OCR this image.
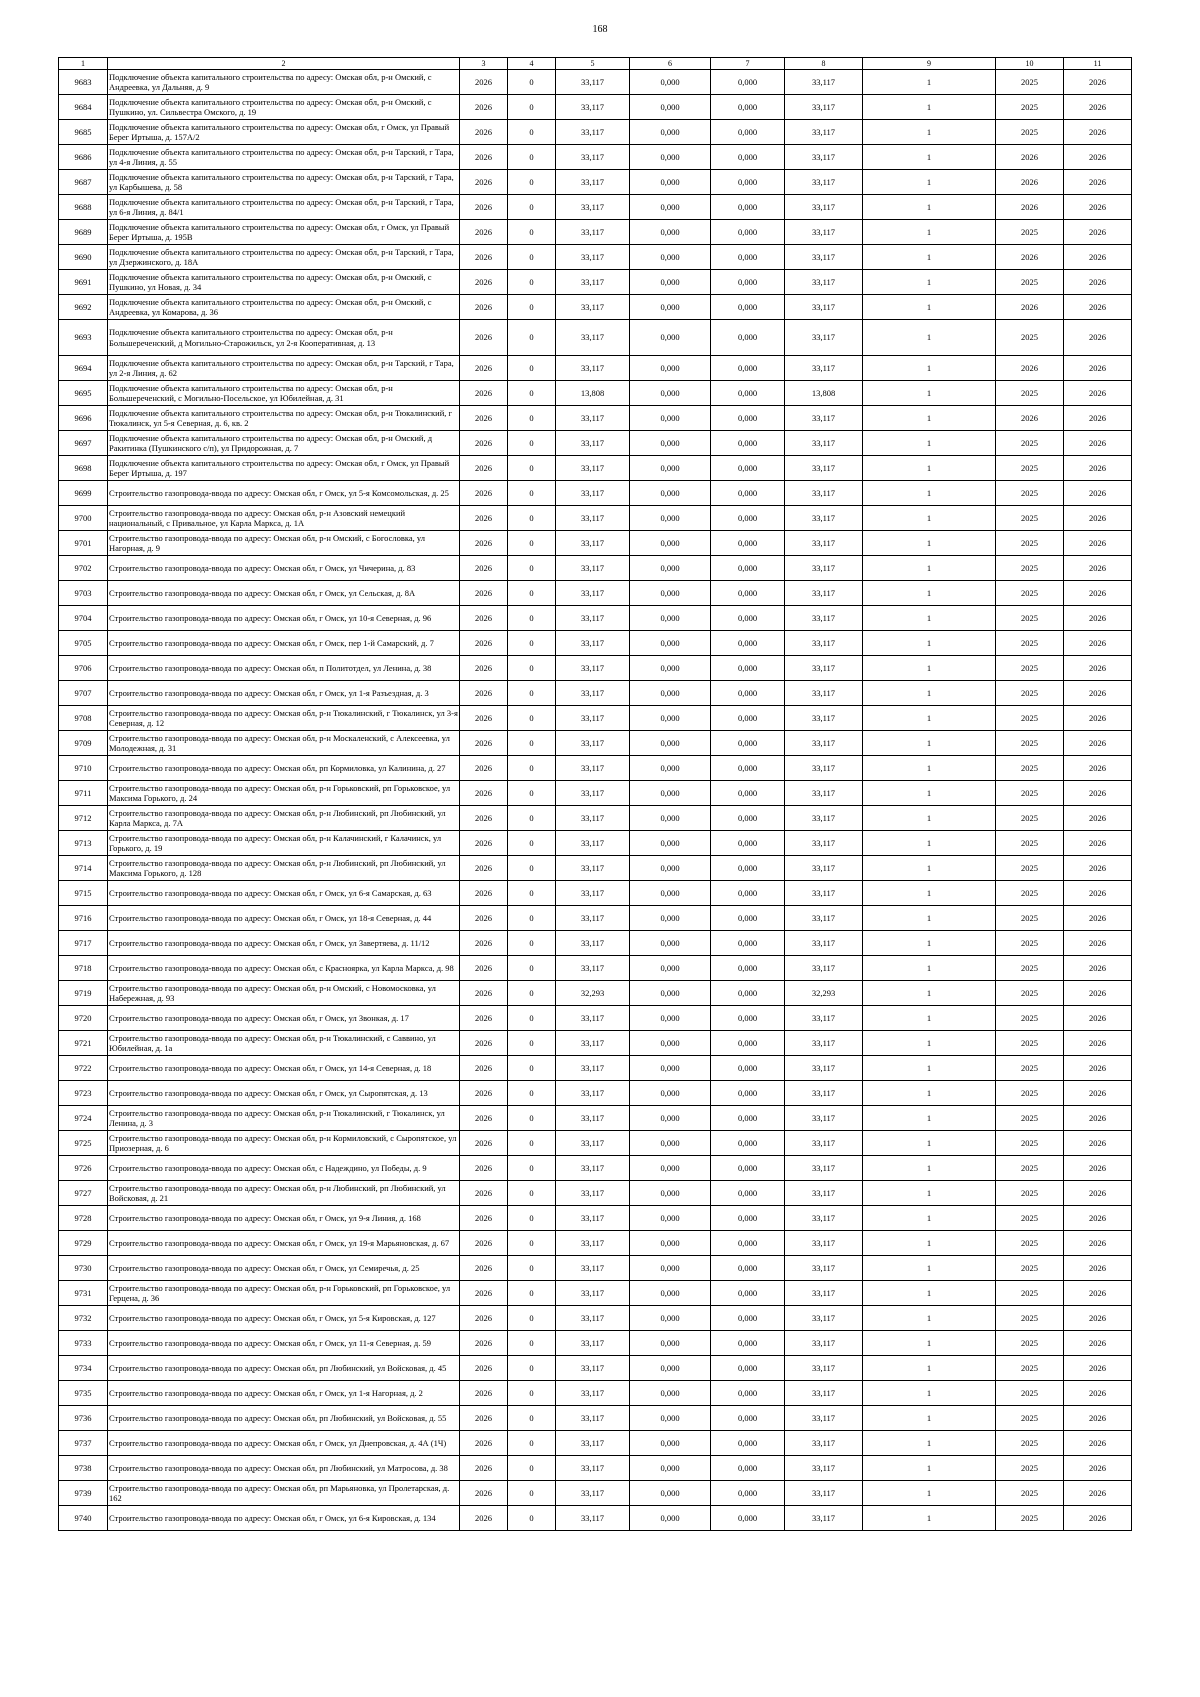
168
1	2	3	4	5	6	7	8	9	10	11
9683	Подключение объекта капитального строительства по адресу: Омская обл, р-н Омский, с Андреевка, ул Дальняя, д. 9	2026	0	33,117	0,000	0,000	33,117	1	2025	2026
9684	Подключение объекта капитального строительства по адресу: Омская обл, р-н Омский, с Пушкино, ул. Сильвестра Омского, д. 19	2026	0	33,117	0,000	0,000	33,117	1	2025	2026
9685	Подключение объекта капитального строительства по адресу: Омская обл, г Омск, ул Правый Берег Иртыша, д. 157А/2	2026	0	33,117	0,000	0,000	33,117	1	2025	2026
9686	Подключение объекта капитального строительства по адресу: Омская обл, р-н Тарский, г Тара, ул 4-я Линия, д. 55	2026	0	33,117	0,000	0,000	33,117	1	2026	2026
9687	Подключение объекта капитального строительства по адресу: Омская обл, р-н Тарский, г Тара, ул Карбышева, д. 58	2026	0	33,117	0,000	0,000	33,117	1	2026	2026
9688	Подключение объекта капитального строительства по адресу: Омская обл, р-н Тарский, г Тара, ул 6-я Линия, д. 84/1	2026	0	33,117	0,000	0,000	33,117	1	2026	2026
9689	Подключение объекта капитального строительства по адресу: Омская обл, г Омск, ул Правый Берег Иртыша, д. 195В	2026	0	33,117	0,000	0,000	33,117	1	2025	2026
9690	Подключение объекта капитального строительства по адресу: Омская обл, р-н Тарский, г Тара, ул Дзержинского, д. 18А	2026	0	33,117	0,000	0,000	33,117	1	2026	2026
9691	Подключение объекта капитального строительства по адресу: Омская обл, р-н Омский, с Пушкино, ул Новая, д. 34	2026	0	33,117	0,000	0,000	33,117	1	2025	2026
9692	Подключение объекта капитального строительства по адресу: Омская обл, р-н Омский, с Андреевка, ул Комарова, д. 36	2026	0	33,117	0,000	0,000	33,117	1	2026	2026
9693	Подключение объекта капитального строительства по адресу: Омская обл, р-н Большереченский, д Могильно-Старожильск, ул 2-я Кооперативная, д. 13	2026	0	33,117	0,000	0,000	33,117	1	2025	2026
9694	Подключение объекта капитального строительства по адресу: Омская обл, р-н Тарский, г Тара, ул 2-я Линия, д. 62	2026	0	33,117	0,000	0,000	33,117	1	2026	2026
9695	Подключение объекта капитального строительства по адресу: Омская обл, р-н Большереченский, с Могильно-Посельское, ул Юбилейная, д. 31	2026	0	13,808	0,000	0,000	13,808	1	2025	2026
9696	Подключение объекта капитального строительства по адресу: Омская обл, р-н Тюкалинский, г Тюкалинск, ул 5-я Северная, д. 6, кв. 2	2026	0	33,117	0,000	0,000	33,117	1	2026	2026
9697	Подключение объекта капитального строительства по адресу: Омская обл, р-н Омский, д Ракитинка (Пушкинского с/п), ул Придорожная, д. 7	2026	0	33,117	0,000	0,000	33,117	1	2025	2026
9698	Подключение объекта капитального строительства по адресу: Омская обл, г Омск, ул Правый Берег Иртыша, д. 197	2026	0	33,117	0,000	0,000	33,117	1	2025	2026
9699	Строительство газопровода-ввода по адресу: Омская обл, г Омск, ул 5-я Комсомольская, д. 25	2026	0	33,117	0,000	0,000	33,117	1	2025	2026
9700	Строительство газопровода-ввода по адресу: Омская обл, р-н Азовский немецкий национальный, с Привальное, ул Карла Маркса, д. 1А	2026	0	33,117	0,000	0,000	33,117	1	2025	2026
9701	Строительство газопровода-ввода по адресу: Омская обл, р-н Омский, с Богословка, ул Нагорная, д. 9	2026	0	33,117	0,000	0,000	33,117	1	2025	2026
9702	Строительство газопровода-ввода по адресу: Омская обл, г Омск, ул Чичерина, д. 83	2026	0	33,117	0,000	0,000	33,117	1	2025	2026
9703	Строительство газопровода-ввода по адресу: Омская обл, г Омск, ул Сельская, д. 8А	2026	0	33,117	0,000	0,000	33,117	1	2025	2026
9704	Строительство газопровода-ввода по адресу: Омская обл, г Омск, ул 10-я Северная, д. 96	2026	0	33,117	0,000	0,000	33,117	1	2025	2026
9705	Строительство газопровода-ввода по адресу: Омская обл, г Омск, пер 1-й Самарский, д. 7	2026	0	33,117	0,000	0,000	33,117	1	2025	2026
9706	Строительство газопровода-ввода по адресу: Омская обл, п Политотдел, ул Ленина, д. 38	2026	0	33,117	0,000	0,000	33,117	1	2025	2026
9707	Строительство газопровода-ввода по адресу: Омская обл, г Омск, ул 1-я Разъездная, д. 3	2026	0	33,117	0,000	0,000	33,117	1	2025	2026
9708	Строительство газопровода-ввода по адресу: Омская обл, р-н Тюкалинский, г Тюкалинск, ул 3-я Северная, д. 12	2026	0	33,117	0,000	0,000	33,117	1	2025	2026
9709	Строительство газопровода-ввода по адресу: Омская обл, р-н Москаленский, с Алексеевка, ул Молодежная, д. 31	2026	0	33,117	0,000	0,000	33,117	1	2025	2026
9710	Строительство газопровода-ввода по адресу: Омская обл, рп Кормиловка, ул Калинина, д. 27	2026	0	33,117	0,000	0,000	33,117	1	2025	2026
9711	Строительство газопровода-ввода по адресу: Омская обл, р-н Горьковский, рп Горьковское, ул Максима Горького, д. 24	2026	0	33,117	0,000	0,000	33,117	1	2025	2026
9712	Строительство газопровода-ввода по адресу: Омская обл, р-н Любинский, рп Любинский, ул Карла Маркса, д. 7А	2026	0	33,117	0,000	0,000	33,117	1	2025	2026
9713	Строительство газопровода-ввода по адресу: Омская обл, р-н Калачинский, г Калачинск, ул Горького, д. 19	2026	0	33,117	0,000	0,000	33,117	1	2025	2026
9714	Строительство газопровода-ввода по адресу: Омская обл, р-н Любинский, рп Любинский, ул Максима Горького, д. 128	2026	0	33,117	0,000	0,000	33,117	1	2025	2026
9715	Строительство газопровода-ввода по адресу: Омская обл, г Омск, ул 6-я Самарская, д. 63	2026	0	33,117	0,000	0,000	33,117	1	2025	2026
9716	Строительство газопровода-ввода по адресу: Омская обл, г Омск, ул 18-я Северная, д. 44	2026	0	33,117	0,000	0,000	33,117	1	2025	2026
9717	Строительство газопровода-ввода по адресу: Омская обл, г Омск, ул Завертяева, д. 11/12	2026	0	33,117	0,000	0,000	33,117	1	2025	2026
9718	Строительство газопровода-ввода по адресу: Омская обл, с Красноярка, ул Карла Маркса, д. 98	2026	0	33,117	0,000	0,000	33,117	1	2025	2026
9719	Строительство газопровода-ввода по адресу: Омская обл, р-н Омский, с Новомосковка, ул Набережная, д. 93	2026	0	32,293	0,000	0,000	32,293	1	2025	2026
9720	Строительство газопровода-ввода по адресу: Омская обл, г Омск, ул Звонкая, д. 17	2026	0	33,117	0,000	0,000	33,117	1	2025	2026
9721	Строительство газопровода-ввода по адресу: Омская обл, р-н Тюкалинский, с Саввино, ул Юбилейная, д. 1а	2026	0	33,117	0,000	0,000	33,117	1	2025	2026
9722	Строительство газопровода-ввода по адресу: Омская обл, г Омск, ул 14-я Северная, д. 18	2026	0	33,117	0,000	0,000	33,117	1	2025	2026
9723	Строительство газопровода-ввода по адресу: Омская обл, г Омск, ул Сыропятская, д. 13	2026	0	33,117	0,000	0,000	33,117	1	2025	2026
9724	Строительство газопровода-ввода по адресу: Омская обл, р-н Тюкалинский, г Тюкалинск, ул Ленина, д. 3	2026	0	33,117	0,000	0,000	33,117	1	2025	2026
9725	Строительство газопровода-ввода по адресу: Омская обл, р-н Кормиловский, с Сыропятское, ул Приозерная, д. 6	2026	0	33,117	0,000	0,000	33,117	1	2025	2026
9726	Строительство газопровода-ввода по адресу: Омская обл, с Надеждино, ул Победы, д. 9	2026	0	33,117	0,000	0,000	33,117	1	2025	2026
9727	Строительство газопровода-ввода по адресу: Омская обл, р-н Любинский, рп Любинский, ул Войсковая, д. 21	2026	0	33,117	0,000	0,000	33,117	1	2025	2026
9728	Строительство газопровода-ввода по адресу: Омская обл, г Омск, ул 9-я Линия, д. 168	2026	0	33,117	0,000	0,000	33,117	1	2025	2026
9729	Строительство газопровода-ввода по адресу: Омская обл, г Омск, ул 19-я Марьяновская, д. 67	2026	0	33,117	0,000	0,000	33,117	1	2025	2026
9730	Строительство газопровода-ввода по адресу: Омская обл, г Омск, ул Семиречья, д. 25	2026	0	33,117	0,000	0,000	33,117	1	2025	2026
9731	Строительство газопровода-ввода по адресу: Омская обл, р-н Горьковский, рп Горьковское, ул Герцена, д. 36	2026	0	33,117	0,000	0,000	33,117	1	2025	2026
9732	Строительство газопровода-ввода по адресу: Омская обл, г Омск, ул 5-я Кировская, д. 127	2026	0	33,117	0,000	0,000	33,117	1	2025	2026
9733	Строительство газопровода-ввода по адресу: Омская обл, г Омск, ул 11-я Северная, д. 59	2026	0	33,117	0,000	0,000	33,117	1	2025	2026
9734	Строительство газопровода-ввода по адресу: Омская обл, рп Любинский, ул Войсковая, д. 45	2026	0	33,117	0,000	0,000	33,117	1	2025	2026
9735	Строительство газопровода-ввода по адресу: Омская обл, г Омск, ул 1-я Нагорная, д. 2	2026	0	33,117	0,000	0,000	33,117	1	2025	2026
9736	Строительство газопровода-ввода по адресу: Омская обл, рп Любинский, ул Войсковая, д. 55	2026	0	33,117	0,000	0,000	33,117	1	2025	2026
9737	Строительство газопровода-ввода по адресу: Омская обл, г Омск, ул Днепровская, д. 4А (1Ч)	2026	0	33,117	0,000	0,000	33,117	1	2025	2026
9738	Строительство газопровода-ввода по адресу: Омская обл, рп Любинский, ул Матросова, д. 38	2026	0	33,117	0,000	0,000	33,117	1	2025	2026
9739	Строительство газопровода-ввода по адресу: Омская обл, рп Марьяновка, ул Пролетарская, д. 162	2026	0	33,117	0,000	0,000	33,117	1	2025	2026
9740	Строительство газопровода-ввода по адресу: Омская обл, г Омск, ул 6-я Кировская, д. 134	2026	0	33,117	0,000	0,000	33,117	1	2025	2026
